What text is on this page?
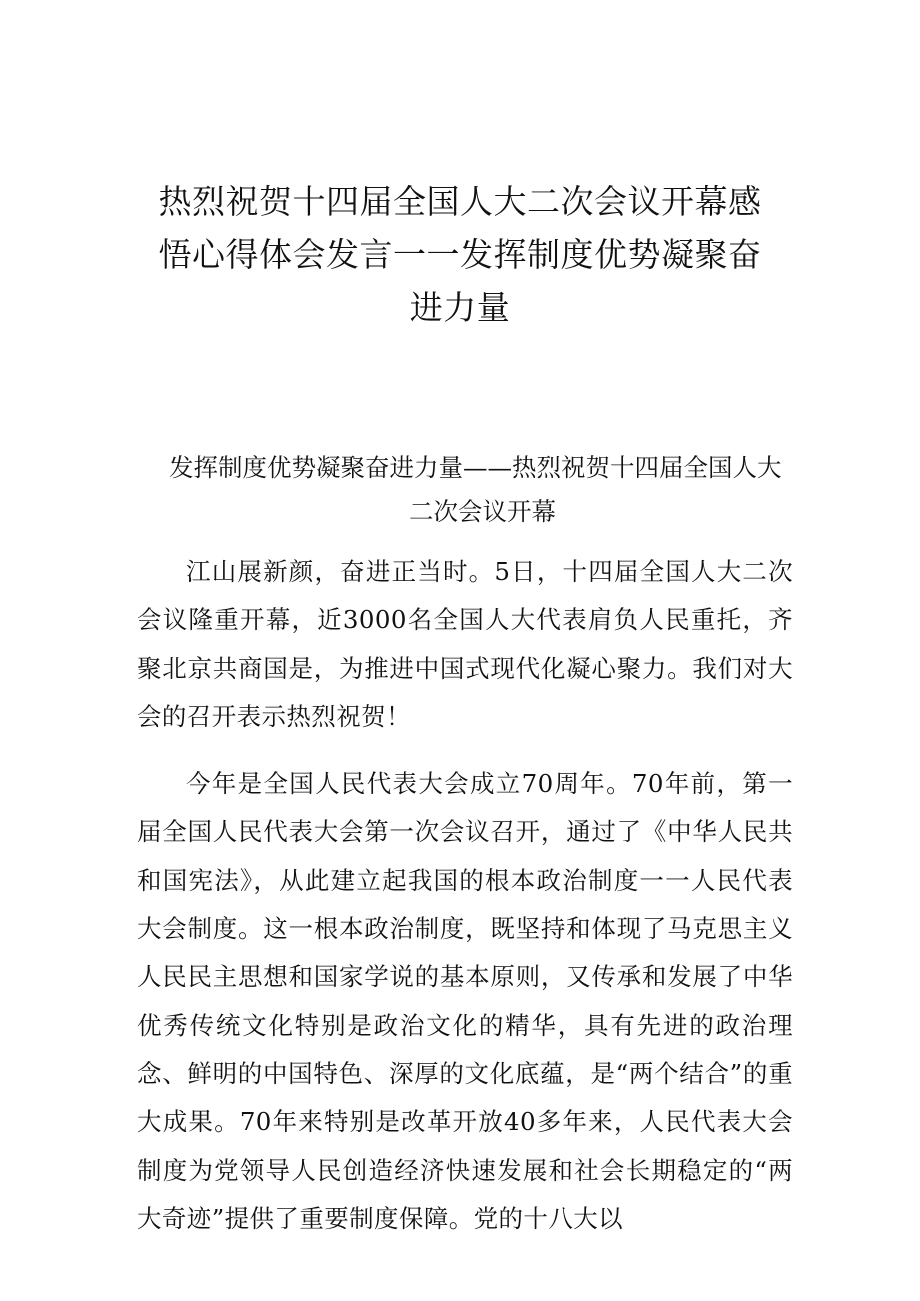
热烈祝贺十四届全国人大二次会议开幕感
悟心得体会发言一一发挥制度优势凝聚奋
进力量
发挥制度优势凝聚奋进力量——热烈祝贺十四届全国人大
二次会议开幕

江山展新颜，奋进正当时。5日，十四届全国人大二次会议隆重开幕，近3000名全国人大代表肩负人民重托，齐聚北京共商国是，为推进中国式现代化凝心聚力。我们对大会的召开表示热烈祝贺！

今年是全国人民代表大会成立70周年。70年前，第一届全国人民代表大会第一次会议召开，通过了《中华人民共和国宪法》，从此建立起我国的根本政治制度一一人民代表大会制度。这一根本政治制度，既坚持和体现了马克思主义人民民主思想和国家学说的基本原则，又传承和发展了中华优秀传统文化特别是政治文化的精华，具有先进的政治理念、鲜明的中国特色、深厚的文化底蕴，是“两个结合”的重大成果。70年来特别是改革开放40多年来，人民代表大会制度为党领导人民创造经济快速发展和社会长期稳定的“两大奇迹”提供了重要制度保障。党的十八大以
